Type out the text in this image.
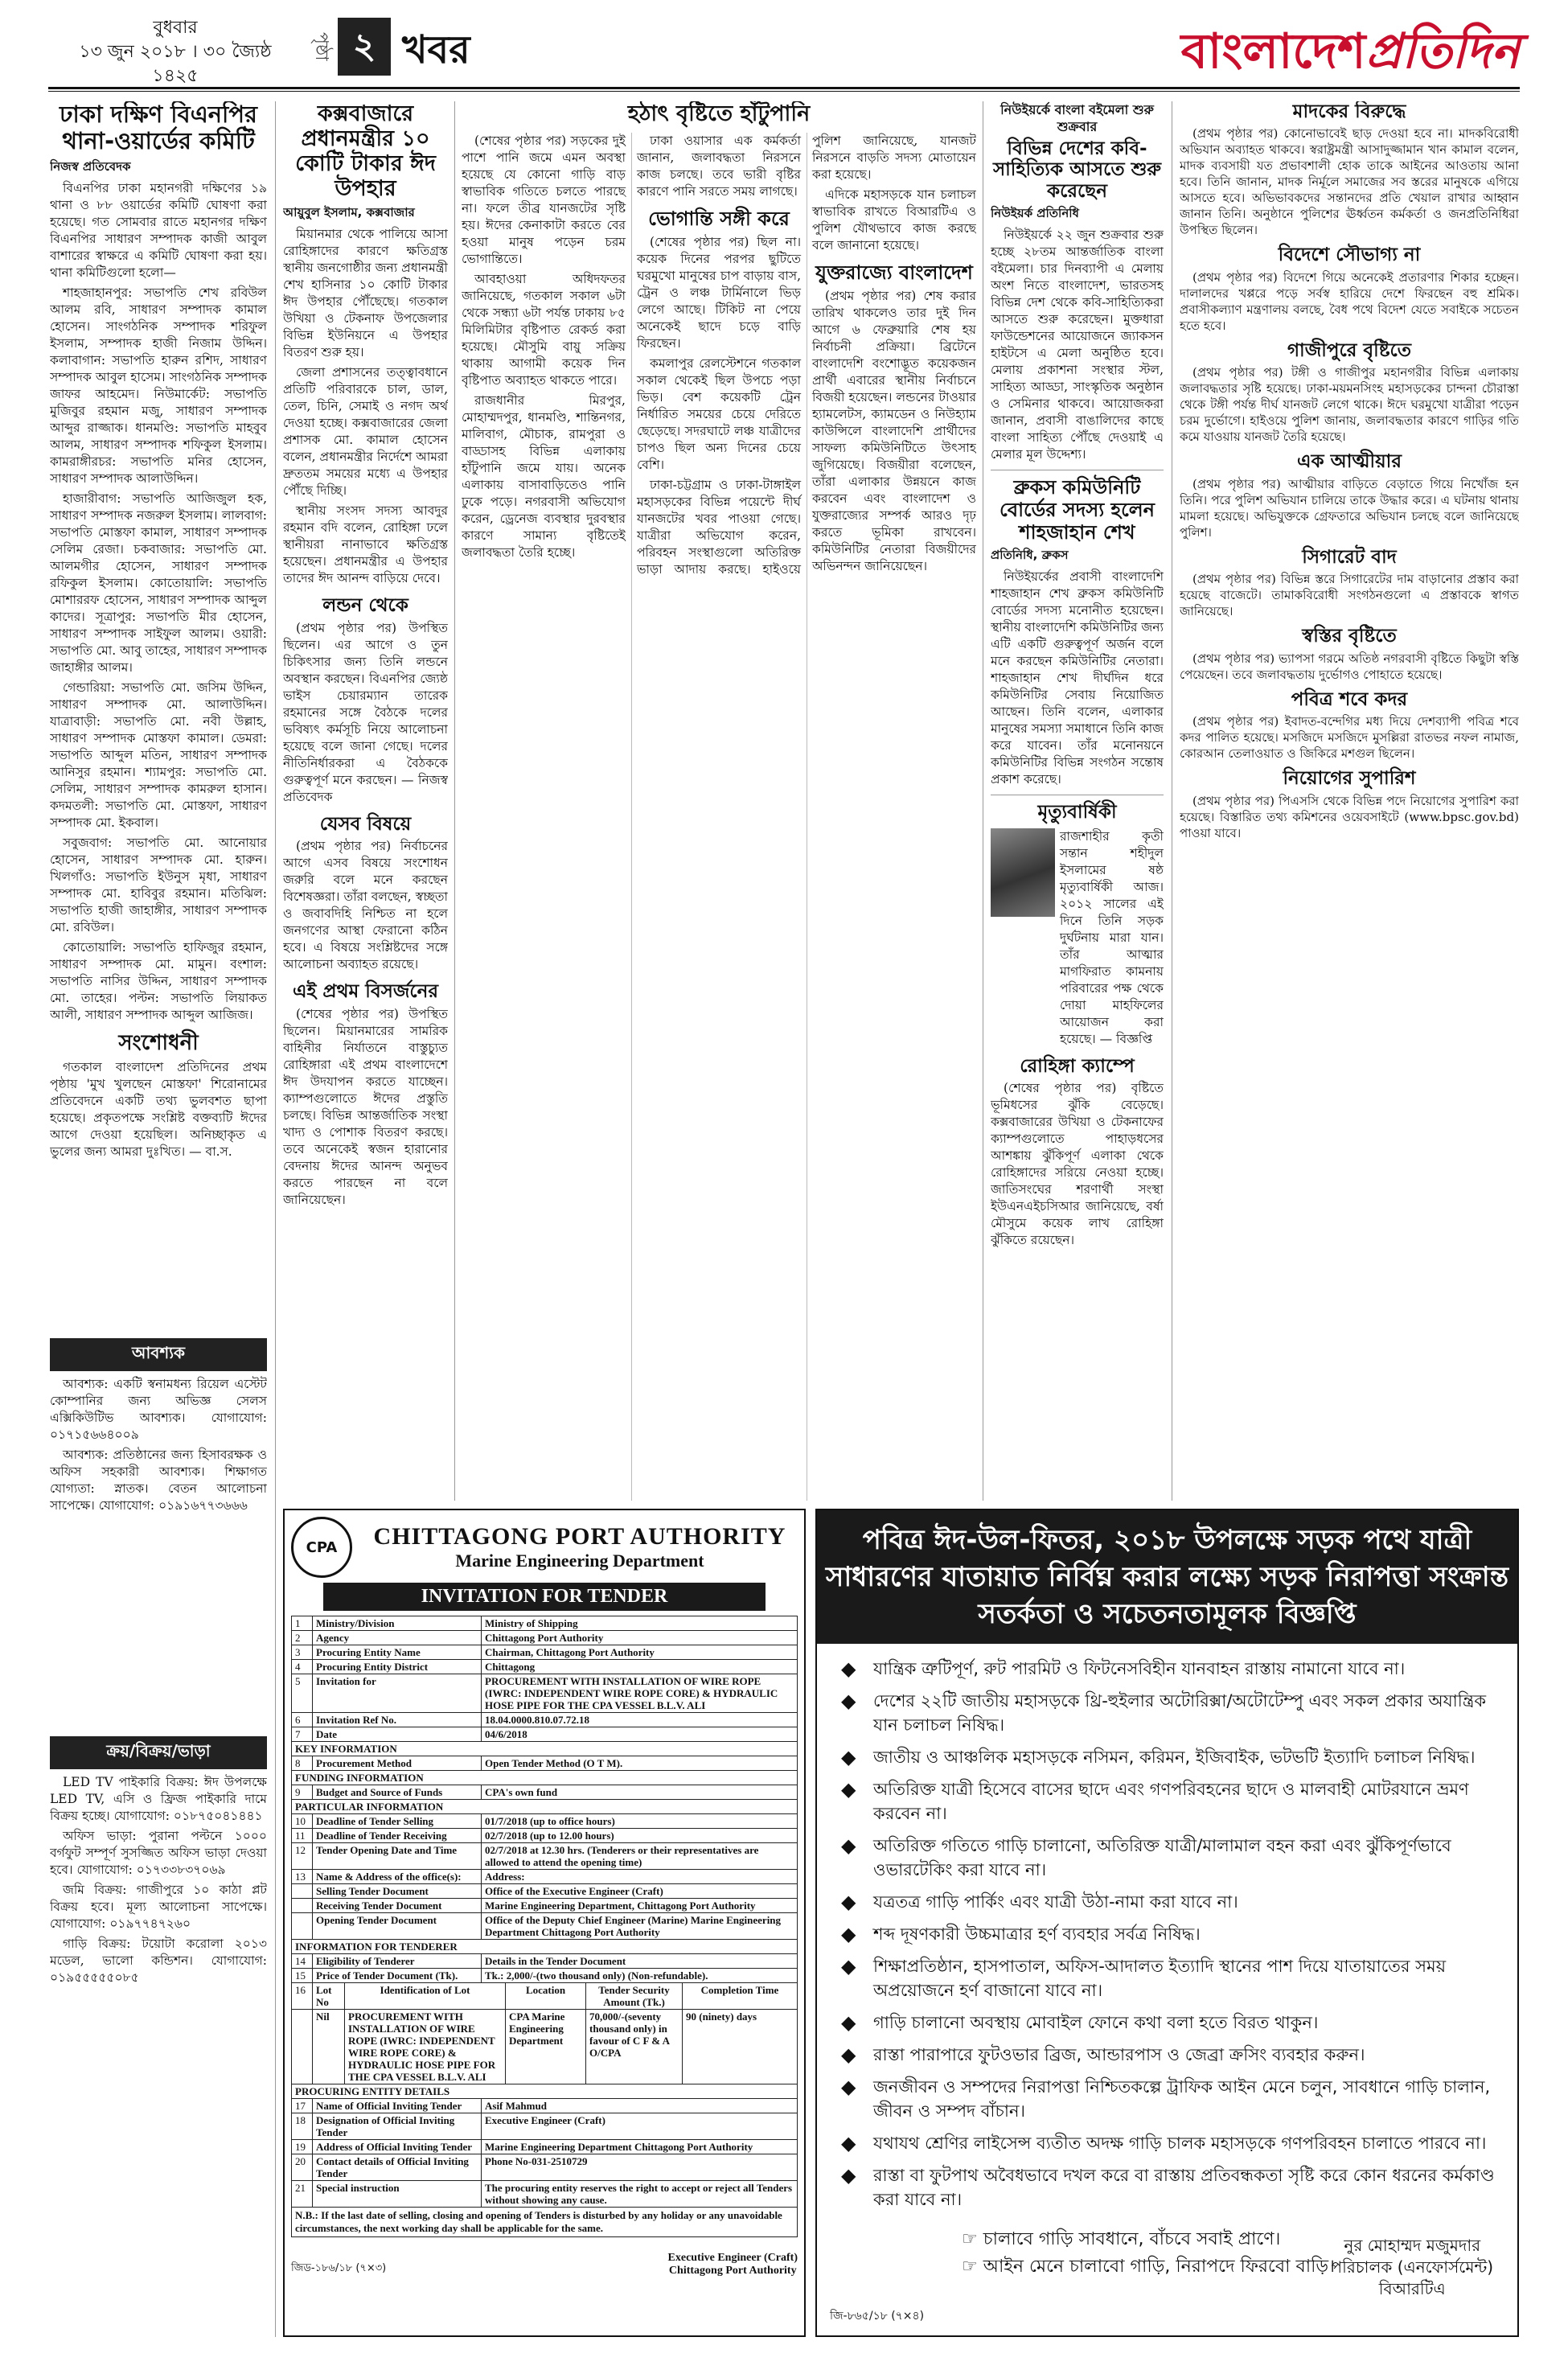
বুধবার
১৩ জুন ২০১৮ । ৩০ জ্যৈষ্ঠ ১৪২৫
পৃষ্ঠা ২ খবর	বাংলাদেশপ্রতিদিন
ঢাকা দক্ষিণ বিএনপির থানা-ওয়ার্ডের কমিটি
নিজস্ব প্রতিবেদক

বিএনপির ঢাকা মহানগরী দক্ষিণের ১৯ থানা ও ৮৮ ওয়ার্ডের কমিটি ঘোষণা করা হয়েছে। গত সোমবার রাতে মহানগর দক্ষিণ বিএনপির সাধারণ সম্পাদক কাজী আবুল বাশারের স্বাক্ষরে এ কমিটি ঘোষণা করা হয়। থানা কমিটিগুলো হলো—

শাহজাহানপুর: সভাপতি শেখ রবিউল আলম রবি, সাধারণ সম্পাদক কামাল হোসেন। সাংগঠনিক সম্পাদক শরিফুল ইসলাম, সম্পাদক হাজী নিজাম উদ্দিন। কলাবাগান: সভাপতি হারুন রশিদ, সাধারণ সম্পাদক আবুল হাসেম। সাংগঠনিক সম্পাদক জাফর আহমেদ। নিউমার্কেট: সভাপতি মুজিবুর রহমান মজু, সাধারণ সম্পাদক আব্দুর রাজ্জাক। ধানমণ্ডি: সভাপতি মাহবুব আলম, সাধারণ সম্পাদক শফিকুল ইসলাম। কামরাঙ্গীরচর: সভাপতি মনির হোসেন, সাধারণ সম্পাদক আলাউদ্দিন।

হাজারীবাগ: সভাপতি আজিজুল হক, সাধারণ সম্পাদক নজরুল ইসলাম। লালবাগ: সভাপতি মোস্তফা কামাল, সাধারণ সম্পাদক সেলিম রেজা। চকবাজার: সভাপতি মো. আলমগীর হোসেন, সাধারণ সম্পাদক রফিকুল ইসলাম। কোতোয়ালি: সভাপতি মোশাররফ হোসেন, সাধারণ সম্পাদক আব্দুল কাদের। সূত্রাপুর: সভাপতি মীর হোসেন, সাধারণ সম্পাদক সাইফুল আলম। ওয়ারী: সভাপতি মো. আবু তাহের, সাধারণ সম্পাদক জাহাঙ্গীর আলম।

গেন্ডারিয়া: সভাপতি মো. জসিম উদ্দিন, সাধারণ সম্পাদক মো. আলাউদ্দিন। যাত্রাবাড়ী: সভাপতি মো. নবী উল্লাহ, সাধারণ সম্পাদক মোস্তফা কামাল। ডেমরা: সভাপতি আব্দুল মতিন, সাধারণ সম্পাদক আনিসুর রহমান। শ্যামপুর: সভাপতি মো. সেলিম, সাধারণ সম্পাদক কামরুল হাসান। কদমতলী: সভাপতি মো. মোস্তফা, সাধারণ সম্পাদক মো. ইকবাল।

সবুজবাগ: সভাপতি মো. আনোয়ার হোসেন, সাধারণ সম্পাদক মো. হারুন। খিলগাঁও: সভাপতি ইউনুস মৃধা, সাধারণ সম্পাদক মো. হাবিবুর রহমান। মতিঝিল: সভাপতি হাজী জাহাঙ্গীর, সাধারণ সম্পাদক মো. রবিউল।

কোতোয়ালি: সভাপতি হাফিজুর রহমান, সাধারণ সম্পাদক মো. মামুন। বংশাল: সভাপতি নাসির উদ্দিন, সাধারণ সম্পাদক মো. তাহের। পল্টন: সভাপতি লিয়াকত আলী, সাধারণ সম্পাদক আব্দুল আজিজ।

সংশোধনী

গতকাল বাংলাদেশ প্রতিদিনের প্রথম পৃষ্ঠায় 'মুখ খুলছেন মোস্তফা' শিরোনামের প্রতিবেদনে একটি তথ্য ভুলবশত ছাপা হয়েছে। প্রকৃতপক্ষে সংশ্লিষ্ট বক্তব্যটি ঈদের আগে দেওয়া হয়েছিল। অনিচ্ছাকৃত এ ভুলের জন্য আমরা দুঃখিত। — বা.স.

আবশ্যক

আবশ্যক: একটি স্বনামধন্য রিয়েল এস্টেট কোম্পানির জন্য অভিজ্ঞ সেলস এক্সিকিউটিভ আবশ্যক। যোগাযোগ: ০১৭১৫৬৬৪০০৯

আবশ্যক: প্রতিষ্ঠানের জন্য হিসাবরক্ষক ও অফিস সহকারী আবশ্যক। শিক্ষাগত যোগ্যতা: স্নাতক। বেতন আলোচনা সাপেক্ষে। যোগাযোগ: ০১৯১৬৭৭৩৬৬৬

ক্রয়/বিক্রয়/ভাড়া

LED TV পাইকারি বিক্রয়: ঈদ উপলক্ষে LED TV, এসি ও ফ্রিজ পাইকারি দামে বিক্রয় হচ্ছে। যোগাযোগ: ০১৮৭৫০৪১৪৪১

অফিস ভাড়া: পুরানা পল্টনে ১০০০ বর্গফুট সম্পূর্ণ সুসজ্জিত অফিস ভাড়া দেওয়া হবে। যোগাযোগ: ০১৭৩৩৮৩৭০৬৯

জমি বিক্রয়: গাজীপুরে ১০ কাঠা প্লট বিক্রয় হবে। মূল্য আলোচনা সাপেক্ষে। যোগাযোগ: ০১৯৭৭৪৭২৬০

গাড়ি বিক্রয়: টয়োটা করোলা ২০১৩ মডেল, ভালো কন্ডিশন। যোগাযোগ: ০১৯৫৫৫৫৫০৮৫

কক্সবাজারে প্রধানমন্ত্রীর ১০ কোটি টাকার ঈদ উপহার
আয়ুবুল ইসলাম, কক্সবাজার

মিয়ানমার থেকে পালিয়ে আসা রোহিঙ্গাদের কারণে ক্ষতিগ্রস্ত স্থানীয় জনগোষ্ঠীর জন্য প্রধানমন্ত্রী শেখ হাসিনার ১০ কোটি টাকার ঈদ উপহার পৌঁছেছে। গতকাল উখিয়া ও টেকনাফ উপজেলার বিভিন্ন ইউনিয়নে এ উপহার বিতরণ শুরু হয়।

জেলা প্রশাসনের তত্ত্বাবধানে প্রতিটি পরিবারকে চাল, ডাল, তেল, চিনি, সেমাই ও নগদ অর্থ দেওয়া হচ্ছে। কক্সবাজারের জেলা প্রশাসক মো. কামাল হোসেন বলেন, প্রধানমন্ত্রীর নির্দেশে আমরা দ্রুততম সময়ের মধ্যে এ উপহার পৌঁছে দিচ্ছি।

স্থানীয় সংসদ সদস্য আবদুর রহমান বদি বলেন, রোহিঙ্গা ঢলে স্থানীয়রা নানাভাবে ক্ষতিগ্রস্ত হয়েছেন। প্রধানমন্ত্রীর এ উপহার তাদের ঈদ আনন্দ বাড়িয়ে দেবে।

লন্ডন থেকে

(প্রথম পৃষ্ঠার পর) উপস্থিত ছিলেন। এর আগে ও তুন চিকিৎসার জন্য তিনি লন্ডনে অবস্থান করছেন। বিএনপির জ্যেষ্ঠ ভাইস চেয়ারম্যান তারেক রহমানের সঙ্গে বৈঠকে দলের ভবিষ্যৎ কর্মসূচি নিয়ে আলোচনা হয়েছে বলে জানা গেছে। দলের নীতিনির্ধারকরা এ বৈঠককে গুরুত্বপূর্ণ মনে করছেন। — নিজস্ব প্রতিবেদক

যেসব বিষয়ে

(প্রথম পৃষ্ঠার পর) নির্বাচনের আগে এসব বিষয়ে সংশোধন জরুরি বলে মনে করছেন বিশেষজ্ঞরা। তাঁরা বলছেন, স্বচ্ছতা ও জবাবদিহি নিশ্চিত না হলে জনগণের আস্থা ফেরানো কঠিন হবে। এ বিষয়ে সংশ্লিষ্টদের সঙ্গে আলোচনা অব্যাহত রয়েছে।

এই প্রথম বিসর্জনের

(শেষের পৃষ্ঠার পর) উপস্থিত ছিলেন। মিয়ানমারের সামরিক বাহিনীর নির্যাতনে বাস্তুচ্যুত রোহিঙ্গারা এই প্রথম বাংলাদেশে ঈদ উদযাপন করতে যাচ্ছেন। ক্যাম্পগুলোতে ঈদের প্রস্তুতি চলছে। বিভিন্ন আন্তর্জাতিক সংস্থা খাদ্য ও পোশাক বিতরণ করছে। তবে অনেকেই স্বজন হারানোর বেদনায় ঈদের আনন্দ অনুভব করতে পারছেন না বলে জানিয়েছেন।

হঠাৎ বৃষ্টিতে হাঁটুপানি

(শেষের পৃষ্ঠার পর) সড়কের দুই পাশে পানি জমে এমন অবস্থা হয়েছে যে কোনো গাড়ি বাড় স্বাভাবিক গতিতে চলতে পারছে না। ফলে তীব্র যানজটের সৃষ্টি হয়। ঈদের কেনাকাটা করতে বের হওয়া মানুষ পড়েন চরম ভোগান্তিতে।

আবহাওয়া অধিদফতর জানিয়েছে, গতকাল সকাল ৬টা থেকে সন্ধ্যা ৬টা পর্যন্ত ঢাকায় ৮৫ মিলিমিটার বৃষ্টিপাত রেকর্ড করা হয়েছে। মৌসুমি বায়ু সক্রিয় থাকায় আগামী কয়েক দিন বৃষ্টিপাত অব্যাহত থাকতে পারে।

রাজধানীর মিরপুর, মোহাম্মদপুর, ধানমণ্ডি, শান্তিনগর, মালিবাগ, মৌচাক, রামপুরা ও বাড্ডাসহ বিভিন্ন এলাকায় হাঁটুপানি জমে যায়। অনেক এলাকায় বাসাবাড়িতেও পানি ঢুকে পড়ে। নগরবাসী অভিযোগ করেন, ড্রেনেজ ব্যবস্থার দুরবস্থার কারণে সামান্য বৃষ্টিতেই জলাবদ্ধতা তৈরি হচ্ছে।

ঢাকা ওয়াসার এক কর্মকর্তা জানান, জলাবদ্ধতা নিরসনে কাজ চলছে। তবে ভারী বৃষ্টির কারণে পানি সরতে সময় লাগছে।

ভোগান্তি সঙ্গী করে

(শেষের পৃষ্ঠার পর) ছিল না। কয়েক দিনের পরপর ছুটিতে ঘরমুখো মানুষের চাপ বাড়ায় বাস, ট্রেন ও লঞ্চ টার্মিনালে ভিড় লেগে আছে। টিকিট না পেয়ে অনেকেই ছাদে চড়ে বাড়ি ফিরছেন।

কমলাপুর রেলস্টেশনে গতকাল সকাল থেকেই ছিল উপচে পড়া ভিড়। বেশ কয়েকটি ট্রেন নির্ধারিত সময়ের চেয়ে দেরিতে ছেড়েছে। সদরঘাটে লঞ্চ যাত্রীদের চাপও ছিল অন্য দিনের চেয়ে বেশি।

ঢাকা-চট্টগ্রাম ও ঢাকা-টাঙ্গাইল মহাসড়কের বিভিন্ন পয়েন্টে দীর্ঘ যানজটের খবর পাওয়া গেছে। যাত্রীরা অভিযোগ করেন, পরিবহন সংস্থাগুলো অতিরিক্ত ভাড়া আদায় করছে। হাইওয়ে পুলিশ জানিয়েছে, যানজট নিরসনে বাড়তি সদস্য মোতায়েন করা হয়েছে।

এদিকে মহাসড়কে যান চলাচল স্বাভাবিক রাখতে বিআরটিএ ও পুলিশ যৌথভাবে কাজ করছে বলে জানানো হয়েছে।

যুক্তরাজ্যে বাংলাদেশ

(প্রথম পৃষ্ঠার পর) শেষ করার তারিখ থাকলেও তার দুই দিন আগে ৬ ফেব্রুয়ারি শেষ হয় নির্বাচনী প্রক্রিয়া। ব্রিটেনে বাংলাদেশি বংশোদ্ভূত কয়েকজন প্রার্থী এবারের স্থানীয় নির্বাচনে বিজয়ী হয়েছেন। লন্ডনের টাওয়ার হ্যামলেটস, ক্যামডেন ও নিউহ্যাম কাউন্সিলে বাংলাদেশি প্রার্থীদের সাফল্য কমিউনিটিতে উৎসাহ জুগিয়েছে। বিজয়ীরা বলেছেন, তাঁরা এলাকার উন্নয়নে কাজ করবেন এবং বাংলাদেশ ও যুক্তরাজ্যের সম্পর্ক আরও দৃঢ় করতে ভূমিকা রাখবেন। কমিউনিটির নেতারা বিজয়ীদের অভিনন্দন জানিয়েছেন।

নিউইয়র্কে বাংলা বইমেলা শুরু শুক্রবার
বিভিন্ন দেশের কবি-সাহিত্যিক আসতে শুরু করেছেন
নিউইয়র্ক প্রতিনিধি

নিউইয়র্কে ২২ জুন শুক্রবার শুরু হচ্ছে ২৮তম আন্তর্জাতিক বাংলা বইমেলা। চার দিনব্যাপী এ মেলায় অংশ নিতে বাংলাদেশ, ভারতসহ বিভিন্ন দেশ থেকে কবি-সাহিত্যিকরা আসতে শুরু করেছেন। মুক্তধারা ফাউন্ডেশনের আয়োজনে জ্যাকসন হাইটসে এ মেলা অনুষ্ঠিত হবে। মেলায় প্রকাশনা সংস্থার স্টল, সাহিত্য আড্ডা, সাংস্কৃতিক অনুষ্ঠান ও সেমিনার থাকবে। আয়োজকরা জানান, প্রবাসী বাঙালিদের কাছে বাংলা সাহিত্য পৌঁছে দেওয়াই এ মেলার মূল উদ্দেশ্য।

ব্রুকস কমিউনিটি বোর্ডের সদস্য হলেন শাহজাহান শেখ
প্রতিনিধি, ব্রুকস

নিউইয়র্কের প্রবাসী বাংলাদেশি শাহজাহান শেখ ব্রুকস কমিউনিটি বোর্ডের সদস্য মনোনীত হয়েছেন। স্থানীয় বাংলাদেশি কমিউনিটির জন্য এটি একটি গুরুত্বপূর্ণ অর্জন বলে মনে করছেন কমিউনিটির নেতারা। শাহজাহান শেখ দীর্ঘদিন ধরে কমিউনিটির সেবায় নিয়োজিত আছেন। তিনি বলেন, এলাকার মানুষের সমস্যা সমাধানে তিনি কাজ করে যাবেন। তাঁর মনোনয়নে কমিউনিটির বিভিন্ন সংগঠন সন্তোষ প্রকাশ করেছে।

মৃত্যুবার্ষিকী
রাজশাহীর কৃতী সন্তান শহীদুল ইসলামের ষষ্ঠ মৃত্যুবার্ষিকী আজ। ২০১২ সালের এই দিনে তিনি সড়ক দুর্ঘটনায় মারা যান। তাঁর আত্মার মাগফিরাত কামনায় পরিবারের পক্ষ থেকে দোয়া মাহফিলের আয়োজন করা হয়েছে। — বিজ্ঞপ্তি
রোহিঙ্গা ক্যাম্পে

(শেষের পৃষ্ঠার পর) বৃষ্টিতে ভূমিধসের ঝুঁকি বেড়েছে। কক্সবাজারের উখিয়া ও টেকনাফের ক্যাম্পগুলোতে পাহাড়ধসের আশঙ্কায় ঝুঁকিপূর্ণ এলাকা থেকে রোহিঙ্গাদের সরিয়ে নেওয়া হচ্ছে। জাতিসংঘের শরণার্থী সংস্থা ইউএনএইচসিআর জানিয়েছে, বর্ষা মৌসুমে কয়েক লাখ রোহিঙ্গা ঝুঁকিতে রয়েছেন।

মাদকের বিরুদ্ধে

(প্রথম পৃষ্ঠার পর) কোনোভাবেই ছাড় দেওয়া হবে না। মাদকবিরোধী অভিযান অব্যাহত থাকবে। স্বরাষ্ট্রমন্ত্রী আসাদুজ্জামান খান কামাল বলেন, মাদক ব্যবসায়ী যত প্রভাবশালী হোক তাকে আইনের আওতায় আনা হবে। তিনি জানান, মাদক নির্মূলে সমাজের সব স্তরের মানুষকে এগিয়ে আসতে হবে। অভিভাবকদের সন্তানদের প্রতি খেয়াল রাখার আহ্বান জানান তিনি। অনুষ্ঠানে পুলিশের ঊর্ধ্বতন কর্মকর্তা ও জনপ্রতিনিধিরা উপস্থিত ছিলেন।

বিদেশে সৌভাগ্য না

(প্রথম পৃষ্ঠার পর) বিদেশে গিয়ে অনেকেই প্রতারণার শিকার হচ্ছেন। দালালদের খপ্পরে পড়ে সর্বস্ব হারিয়ে দেশে ফিরছেন বহু শ্রমিক। প্রবাসীকল্যাণ মন্ত্রণালয় বলছে, বৈধ পথে বিদেশ যেতে সবাইকে সচেতন হতে হবে।

গাজীপুরে বৃষ্টিতে

(প্রথম পৃষ্ঠার পর) টঙ্গী ও গাজীপুর মহানগরীর বিভিন্ন এলাকায় জলাবদ্ধতার সৃষ্টি হয়েছে। ঢাকা-ময়মনসিংহ মহাসড়কের চান্দনা চৌরাস্তা থেকে টঙ্গী পর্যন্ত দীর্ঘ যানজট লেগে থাকে। ঈদে ঘরমুখো যাত্রীরা পড়েন চরম দুর্ভোগে। হাইওয়ে পুলিশ জানায়, জলাবদ্ধতার কারণে গাড়ির গতি কমে যাওয়ায় যানজট তৈরি হয়েছে।

এক আত্মীয়ার

(প্রথম পৃষ্ঠার পর) আত্মীয়ার বাড়িতে বেড়াতে গিয়ে নিখোঁজ হন তিনি। পরে পুলিশ অভিযান চালিয়ে তাকে উদ্ধার করে। এ ঘটনায় থানায় মামলা হয়েছে। অভিযুক্তকে গ্রেফতারে অভিযান চলছে বলে জানিয়েছে পুলিশ।

সিগারেট বাদ

(প্রথম পৃষ্ঠার পর) বিভিন্ন স্তরে সিগারেটের দাম বাড়ানোর প্রস্তাব করা হয়েছে বাজেটে। তামাকবিরোধী সংগঠনগুলো এ প্রস্তাবকে স্বাগত জানিয়েছে।

স্বস্তির বৃষ্টিতে

(প্রথম পৃষ্ঠার পর) ভ্যাপসা গরমে অতিষ্ঠ নগরবাসী বৃষ্টিতে কিছুটা স্বস্তি পেয়েছেন। তবে জলাবদ্ধতায় দুর্ভোগও পোহাতে হয়েছে।

পবিত্র শবে কদর

(প্রথম পৃষ্ঠার পর) ইবাদত-বন্দেগির মধ্য দিয়ে দেশব্যাপী পবিত্র শবে কদর পালিত হয়েছে। মসজিদে মসজিদে মুসল্লিরা রাতভর নফল নামাজ, কোরআন তেলাওয়াত ও জিকিরে মশগুল ছিলেন।

নিয়োগের সুপারিশ

(প্রথম পৃষ্ঠার পর) পিএসসি থেকে বিভিন্ন পদে নিয়োগের সুপারিশ করা হয়েছে। বিস্তারিত তথ্য কমিশনের ওয়েবসাইটে (www.bpsc.gov.bd) পাওয়া যাবে।

CPA	CHITTAGONG PORT AUTHORITY
Marine Engineering Department
INVITATION FOR TENDER
1	Ministry/Division	Ministry of Shipping
2	Agency	Chittagong Port Authority
3	Procuring Entity Name	Chairman, Chittagong Port Authority
4	Procuring Entity District	Chittagong
5	Invitation for	PROCUREMENT WITH INSTALLATION OF WIRE ROPE (IWRC: INDEPENDENT WIRE ROPE CORE) & HYDRAULIC HOSE PIPE FOR THE CPA VESSEL B.L.V. ALI
6	Invitation Ref No.	18.04.0000.810.07.72.18
7	Date	04/6/2018
KEY INFORMATION		
8	Procurement Method	Open Tender Method (O T M).
FUNDING INFORMATION		
9	Budget and Source of Funds	CPA's own fund
PARTICULAR INFORMATION		
10	Deadline of Tender Selling	01/7/2018 (up to office hours)
11	Deadline of Tender Receiving	02/7/2018 (up to 12.00 hours)
12	Tender Opening Date and Time	02/7/2018 at 12.30 hrs. (Tenderers or their representatives are allowed to attend the opening time)
13	Name & Address of the office(s):	Address:
	Selling Tender Document	Office of the Executive Engineer (Craft)
	Receiving Tender Document	Marine Engineering Department, Chittagong Port Authority
	Opening Tender Document	Office of the Deputy Chief Engineer (Marine) Marine Engineering Department Chittagong Port Authority
INFORMATION FOR TENDERER		
14	Eligibility of Tenderer	Details in the Tender Document
15	Price of Tender Document (Tk).	Tk.: 2,000/-(two thousand only) (Non-refundable).
16	Lot No	Identification of Lot	Location	Tender Security Amount (Tk.)	Completion Time
	Nil	PROCUREMENT WITH INSTALLATION OF WIRE ROPE (IWRC: INDEPENDENT WIRE ROPE CORE) & HYDRAULIC HOSE PIPE FOR THE CPA VESSEL B.L.V. ALI	CPA Marine Engineering Department	70,000/-(seventy thousand only) in favour of C F & A O/CPA	90 (ninety) days
PROCURING ENTITY DETAILS		
17	Name of Official Inviting Tender	Asif Mahmud
18	Designation of Official Inviting Tender	Executive Engineer (Craft)
19	Address of Official Inviting Tender	Marine Engineering Department Chittagong Port Authority
20	Contact details of Official Inviting Tender	Phone No-031-2510729
21	Special instruction	The procuring entity reserves the right to accept or reject all Tenders without showing any cause.
N.B.: If the last date of selling, closing and opening of Tenders is disturbed by any holiday or any unavoidable circumstances, the next working day shall be applicable for the same.
জিড-১৮৬/১৮ (৭×৩)
Executive Engineer (Craft)
Chittagong Port Authority
পবিত্র ঈদ-উল-ফিতর, ২০১৮ উপলক্ষে সড়ক পথে যাত্রী সাধারণের যাতায়াত নির্বিঘ্ন করার লক্ষ্যে সড়ক নিরাপত্তা সংক্রান্ত সতর্কতা ও সচেতনতামূলক বিজ্ঞপ্তি
◆ যান্ত্রিক ত্রুটিপূর্ণ, রুট পারমিট ও ফিটনেসবিহীন যানবাহন রাস্তায় নামানো যাবে না।
◆ দেশের ২২টি জাতীয় মহাসড়কে থ্রি-হুইলার অটোরিক্সা/অটোটেম্পু এবং সকল প্রকার অযান্ত্রিক যান চলাচল নিষিদ্ধ।
◆ জাতীয় ও আঞ্চলিক মহাসড়কে নসিমন, করিমন, ইজিবাইক, ভটভটি ইত্যাদি চলাচল নিষিদ্ধ।
◆ অতিরিক্ত যাত্রী হিসেবে বাসের ছাদে এবং গণপরিবহনের ছাদে ও মালবাহী মোটরযানে ভ্রমণ করবেন না।
◆ অতিরিক্ত গতিতে গাড়ি চালানো, অতিরিক্ত যাত্রী/মালামাল বহন করা এবং ঝুঁকিপূর্ণভাবে ওভারটেকিং করা যাবে না।
◆ যত্রতত্র গাড়ি পার্কিং এবং যাত্রী উঠা-নামা করা যাবে না।
◆ শব্দ দূষণকারী উচ্চমাত্রার হর্ণ ব্যবহার সর্বত্র নিষিদ্ধ।
◆ শিক্ষাপ্রতিষ্ঠান, হাসপাতাল, অফিস-আদালত ইত্যাদি স্থানের পাশ দিয়ে যাতায়াতের সময় অপ্রয়োজনে হর্ণ বাজানো যাবে না।
◆ গাড়ি চালানো অবস্থায় মোবাইল ফোনে কথা বলা হতে বিরত থাকুন।
◆ রাস্তা পারাপারে ফুটওভার ব্রিজ, আন্ডারপাস ও জেব্রা ক্রসিং ব্যবহার করুন।
◆ জনজীবন ও সম্পদের নিরাপত্তা নিশ্চিতকল্পে ট্রাফিক আইন মেনে চলুন, সাবধানে গাড়ি চালান, জীবন ও সম্পদ বাঁচান।
◆ যথাযথ শ্রেণির লাইসেন্স ব্যতীত অদক্ষ গাড়ি চালক মহাসড়কে গণপরিবহন চালাতে পারবে না।
◆ রাস্তা বা ফুটপাথ অবৈধভাবে দখল করে বা রাস্তায় প্রতিবন্ধকতা সৃষ্টি করে কোন ধরনের কর্মকাণ্ড করা যাবে না।
☞ চালাবে গাড়ি সাবধানে, বাঁচবে সবাই প্রাণে।
☞ আইন মেনে চালাবো গাড়ি, নিরাপদে ফিরবো বাড়ি।
নুর মোহাম্মদ মজুমদার
পরিচালক (এনফোর্সমেন্ট)
বিআরটিএ
জি-৮৬৫/১৮ (৭×৪)
